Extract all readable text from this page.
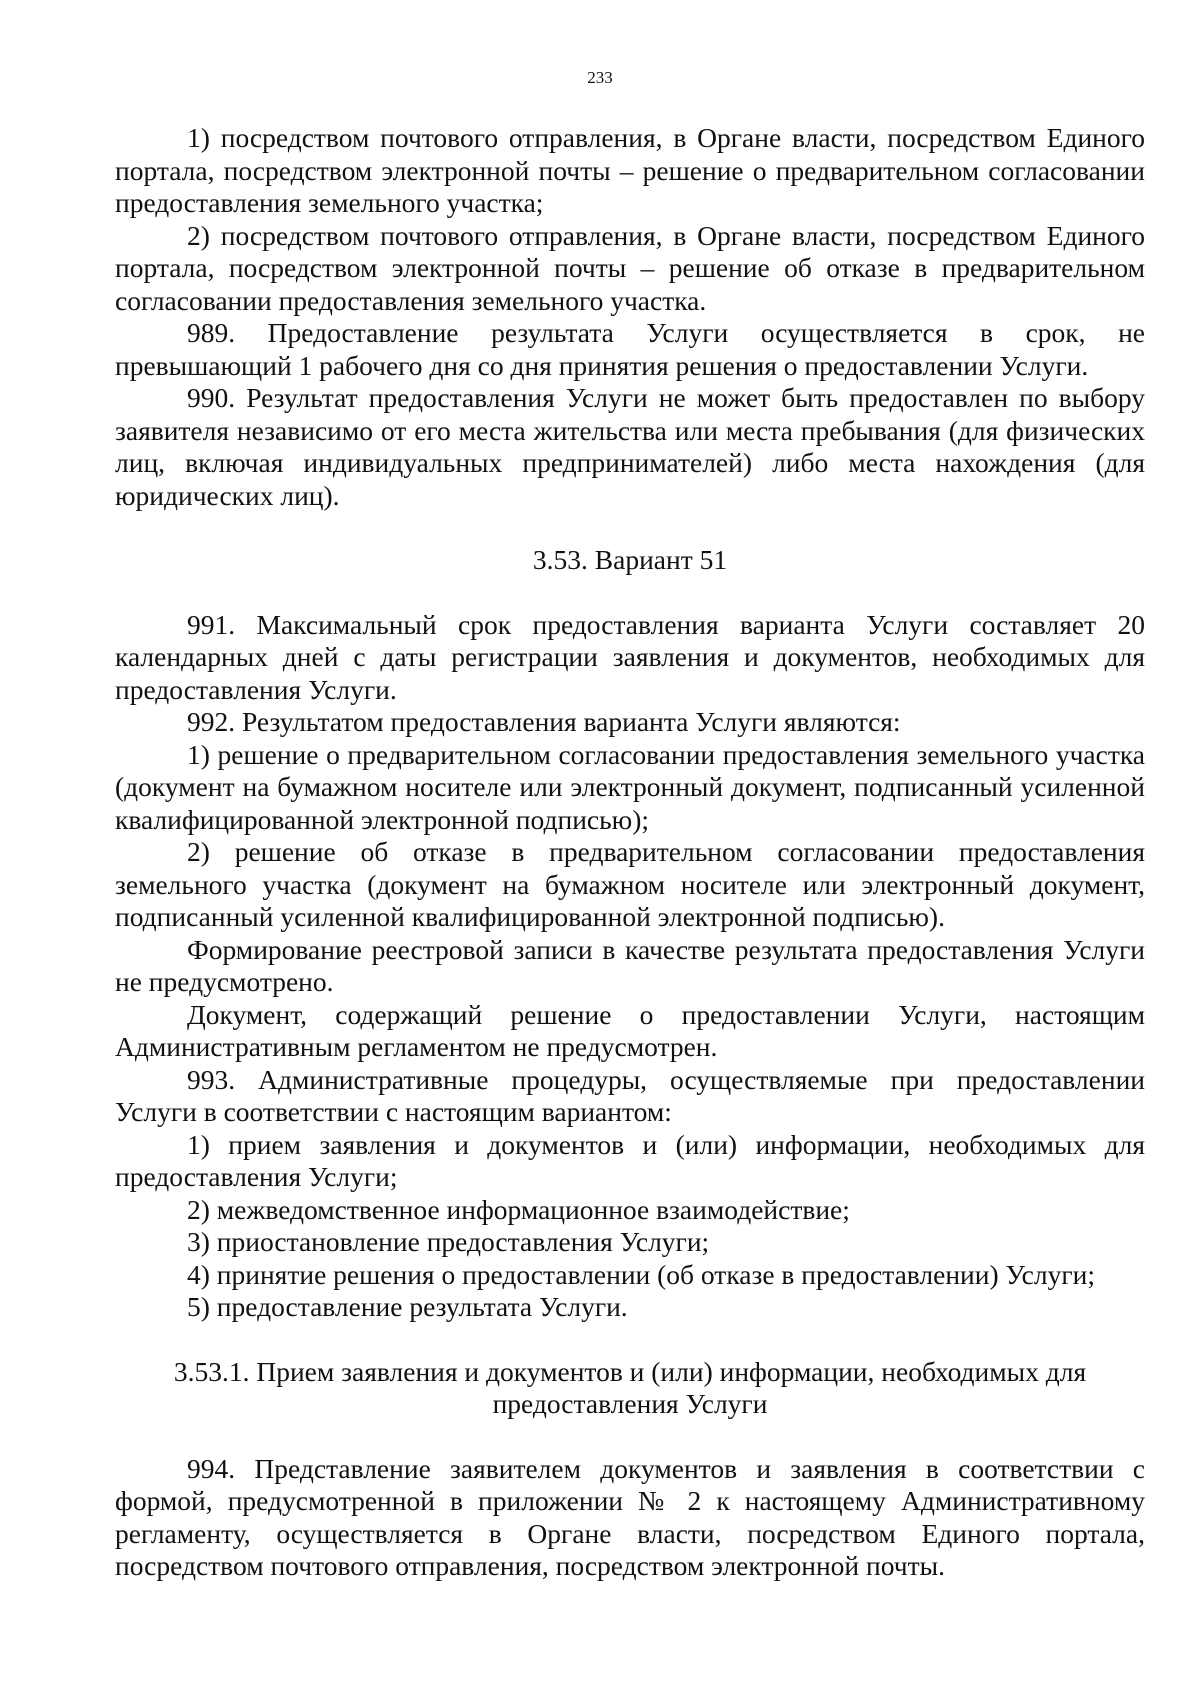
233

1) посредством почтового отправления, в Органе власти, посредством Единого портала, посредством электронной почты – решение о предварительном согласовании предоставления земельного участка;

2) посредством почтового отправления, в Органе власти, посредством Единого портала, посредством электронной почты – решение об отказе в предварительном согласовании предоставления земельного участка.

989. Предоставление результата Услуги осуществляется в срок, не превышающий 1 рабочего дня со дня принятия решения о предоставлении Услуги.

990. Результат предоставления Услуги не может быть предоставлен по выбору заявителя независимо от его места жительства или места пребывания (для физических лиц, включая индивидуальных предпринимателей) либо места нахождения (для юридических лиц).

3.53. Вариант 51

991. Максимальный срок предоставления варианта Услуги составляет 20 календарных дней с даты регистрации заявления и документов, необходимых для предоставления Услуги.

992. Результатом предоставления варианта Услуги являются:

1) решение о предварительном согласовании предоставления земельного участка (документ на бумажном носителе или электронный документ, подписанный усиленной квалифицированной электронной подписью);

2) решение об отказе в предварительном согласовании предоставления земельного участка (документ на бумажном носителе или электронный документ, подписанный усиленной квалифицированной электронной подписью).

Формирование реестровой записи в качестве результата предоставления Услуги не предусмотрено.

Документ, содержащий решение о предоставлении Услуги, настоящим Административным регламентом не предусмотрен.

993. Административные процедуры, осуществляемые при предоставлении Услуги в соответствии с настоящим вариантом:

1) прием заявления и документов и (или) информации, необходимых для предоставления Услуги;

2) межведомственное информационное взаимодействие;

3) приостановление предоставления Услуги;

4) принятие решения о предоставлении (об отказе в предоставлении) Услуги;

5) предоставление результата Услуги.

3.53.1. Прием заявления и документов и (или) информации, необходимых для

предоставления Услуги

994. Представление заявителем документов и заявления в соответствии с формой, предусмотренной в приложении № 2 к настоящему Административному регламенту, осуществляется в Органе власти, посредством Единого портала, посредством почтового отправления, посредством электронной почты.
